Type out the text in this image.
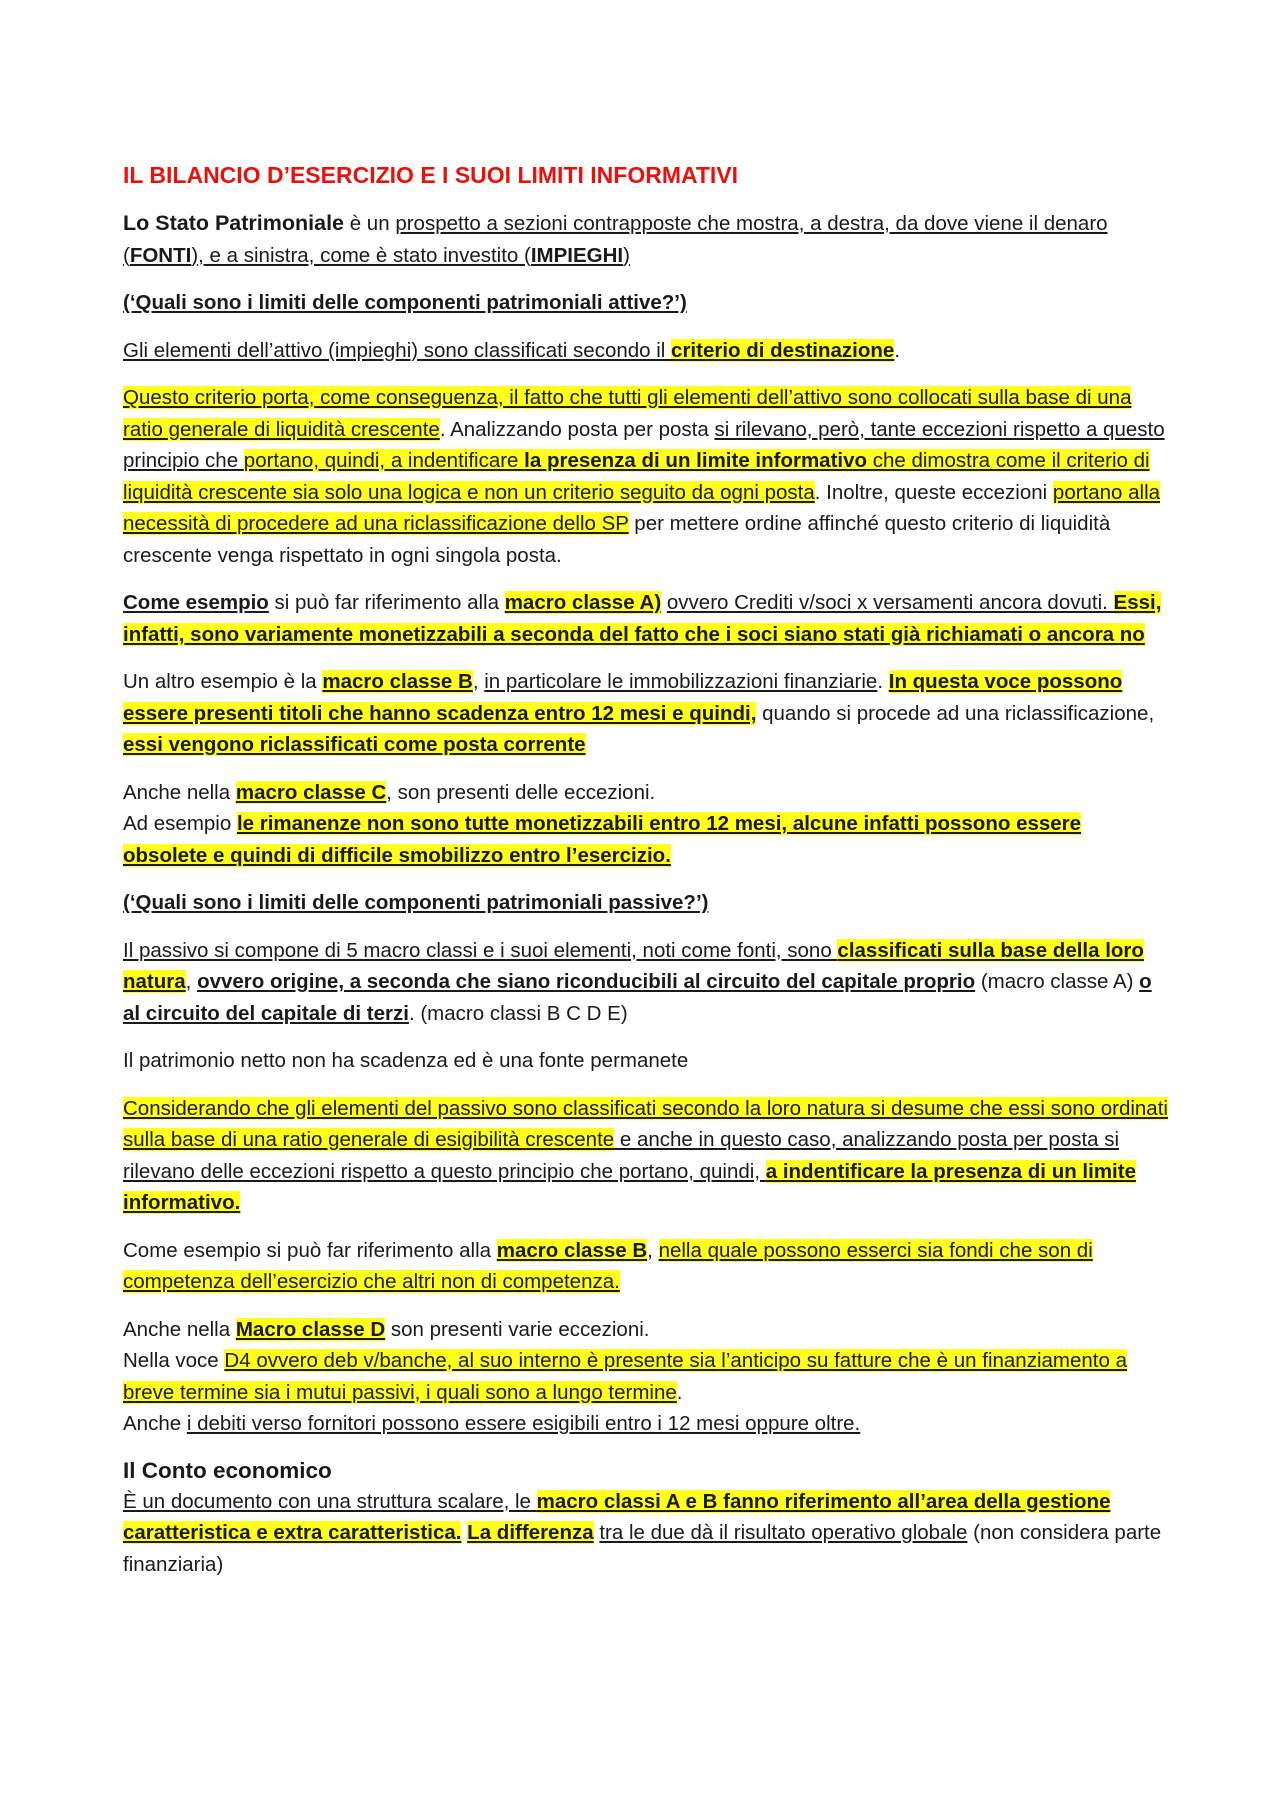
IL BILANCIO D’ESERCIZIO E I SUOI LIMITI INFORMATIVI

Lo Stato Patrimoniale è un prospetto a sezioni contrapposte che mostra, a destra, da dove viene il denaro (FONTI), e a sinistra, come è stato investito (IMPIEGHI)

(‘Quali sono i limiti delle componenti patrimoniali attive?’)

Gli elementi dell’attivo (impieghi) sono classificati secondo il criterio di destinazione.

Questo criterio porta, come conseguenza, il fatto che tutti gli elementi dell’attivo sono collocati sulla base di una ratio generale di liquidità crescente. Analizzando posta per posta si rilevano, però, tante eccezioni rispetto a questo principio che portano, quindi, a indentificare la presenza di un limite informativo che dimostra come il criterio di liquidità crescente sia solo una logica e non un criterio seguito da ogni posta. Inoltre, queste eccezioni portano alla necessità di procedere ad una riclassificazione dello SP per mettere ordine affinché questo criterio di liquidità crescente venga rispettato in ogni singola posta.

Come esempio si può far riferimento alla macro classe A) ovvero Crediti v/soci x versamenti ancora dovuti. Essi, infatti, sono variamente monetizzabili a seconda del fatto che i soci siano stati già richiamati o ancora no

Un altro esempio è la macro classe B, in particolare le immobilizzazioni finanziarie. In questa voce possono essere presenti titoli che hanno scadenza entro 12 mesi e quindi, quando si procede ad una riclassificazione, essi vengono riclassificati come posta corrente

Anche nella macro classe C, son presenti delle eccezioni.
Ad esempio le rimanenze non sono tutte monetizzabili entro 12 mesi, alcune infatti possono essere obsolete e quindi di difficile smobilizzo entro l’esercizio.

(‘Quali sono i limiti delle componenti patrimoniali passive?’)

Il passivo si compone di 5 macro classi e i suoi elementi, noti come fonti, sono classificati sulla base della loro natura, ovvero origine, a seconda che siano riconducibili al circuito del capitale proprio (macro classe A) o al circuito del capitale di terzi. (macro classi B C D E)

Il patrimonio netto non ha scadenza ed è una fonte permanete

Considerando che gli elementi del passivo sono classificati secondo la loro natura si desume che essi sono ordinati sulla base di una ratio generale di esigibilità crescente e anche in questo caso, analizzando posta per posta si rilevano delle eccezioni rispetto a questo principio che portano, quindi, a indentificare la presenza di un limite informativo.

Come esempio si può far riferimento alla macro classe B, nella quale possono esserci sia fondi che son di competenza dell’esercizio che altri non di competenza.

Anche nella Macro classe D son presenti varie eccezioni.
Nella voce D4 ovvero deb v/banche, al suo interno è presente sia l’anticipo su fatture che è un finanziamento a breve termine sia i mutui passivi, i quali sono a lungo termine.
Anche i debiti verso fornitori possono essere esigibili entro i 12 mesi oppure oltre.

Il Conto economico

È un documento con una struttura scalare, le macro classi A e B fanno riferimento all’area della gestione caratteristica e extra caratteristica. La differenza tra le due dà il risultato operativo globale (non considera parte finanziaria)
